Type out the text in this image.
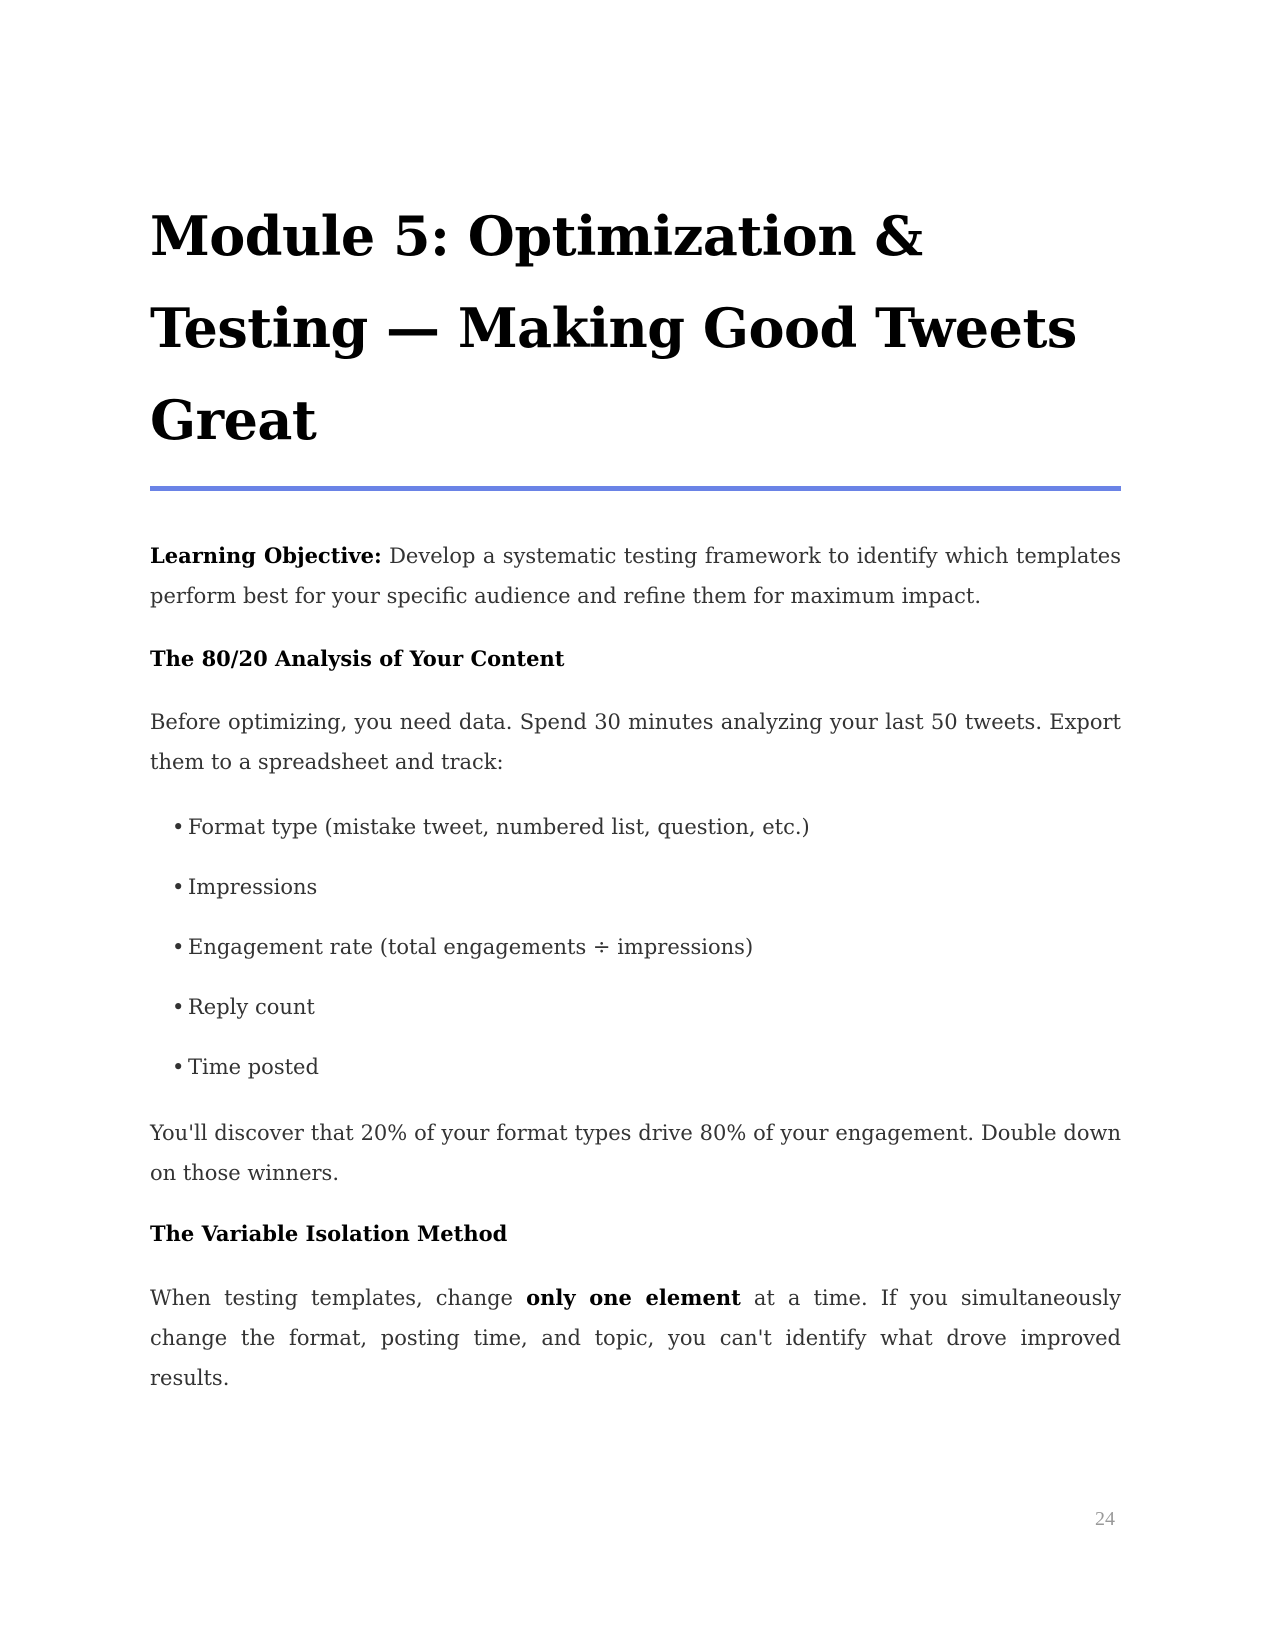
Module 5: Optimization &
Testing — Making Good Tweets
Great

Learning Objective: Develop a systematic testing framework to identify which templates perform best for your specific audience and refine them for maximum impact.

The 80/20 Analysis of Your Content

Before optimizing, you need data. Spend 30 minutes analyzing your last 50 tweets. Export them to a spreadsheet and track:

• Format type (mistake tweet, numbered list, question, etc.)
• Impressions
• Engagement rate (total engagements ÷ impressions)
• Reply count
• Time posted

You'll discover that 20% of your format types drive 80% of your engagement. Double down on those winners.

The Variable Isolation Method

When testing templates, change only one element at a time. If you simultaneously change the format, posting time, and topic, you can't identify what drove improved results.

24
